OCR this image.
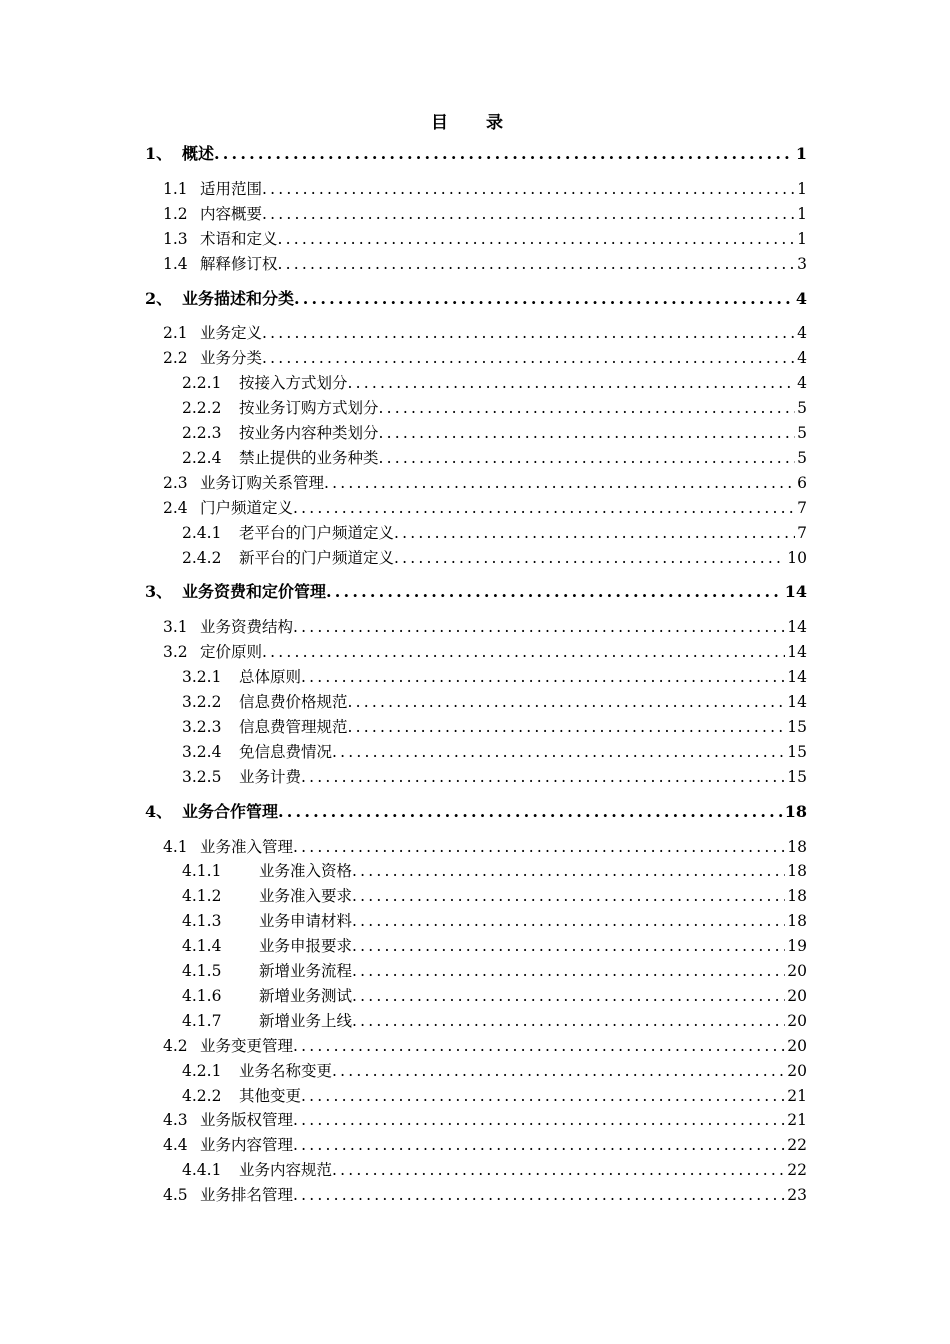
目 录
1、 概述 .....	1
1.1 适用范围 .....	1
1.2 内容概要 .....	1
1.3 术语和定义 .....	1
1.4 解释修订权 .....	3
2、 业务描述和分类 .....	4
2.1 业务定义 .....	4
2.2 业务分类 .....	4
2.2.1	按接入方式划分 .....	4
2.2.2	按业务订购方式划分 .....	5
2.2.3	按业务内容种类划分 .....	5
2.2.4	禁止提供的业务种类 .....	5
2.3 业务订购关系管理 .....	6
2.4 门户频道定义 .....	7
2.4.1	老平台的门户频道定义 .....	7
2.4.2	新平台的门户频道定义 .....	10
3、 业务资费和定价管理 .....	14
3.1 业务资费结构 .....	14
3.2 定价原则 .....	14
3.2.1	总体原则 .....	14
3.2.2	信息费价格规范 .....	14
3.2.3	信息费管理规范 .....	15
3.2.4	免信息费情况 .....	15
3.2.5	业务计费 .....	15
4、 业务合作管理 .....	18
4.1 业务准入管理 .....	18
4.1.1	业务准入资格 .....	18
4.1.2	业务准入要求 .....	18
4.1.3	业务申请材料 .....	18
4.1.4	业务申报要求 .....	19
4.1.5	新增业务流程 .....	20
4.1.6	新增业务测试 .....	20
4.1.7	新增业务上线 .....	20
4.2 业务变更管理 .....	20
4.2.1	业务名称变更 .....	20
4.2.2	其他变更 .....	21
4.3 业务版权管理 .....	21
4.4 业务内容管理 .....	22
4.4.1	业务内容规范 .....	22
4.5 业务排名管理 .....	23
